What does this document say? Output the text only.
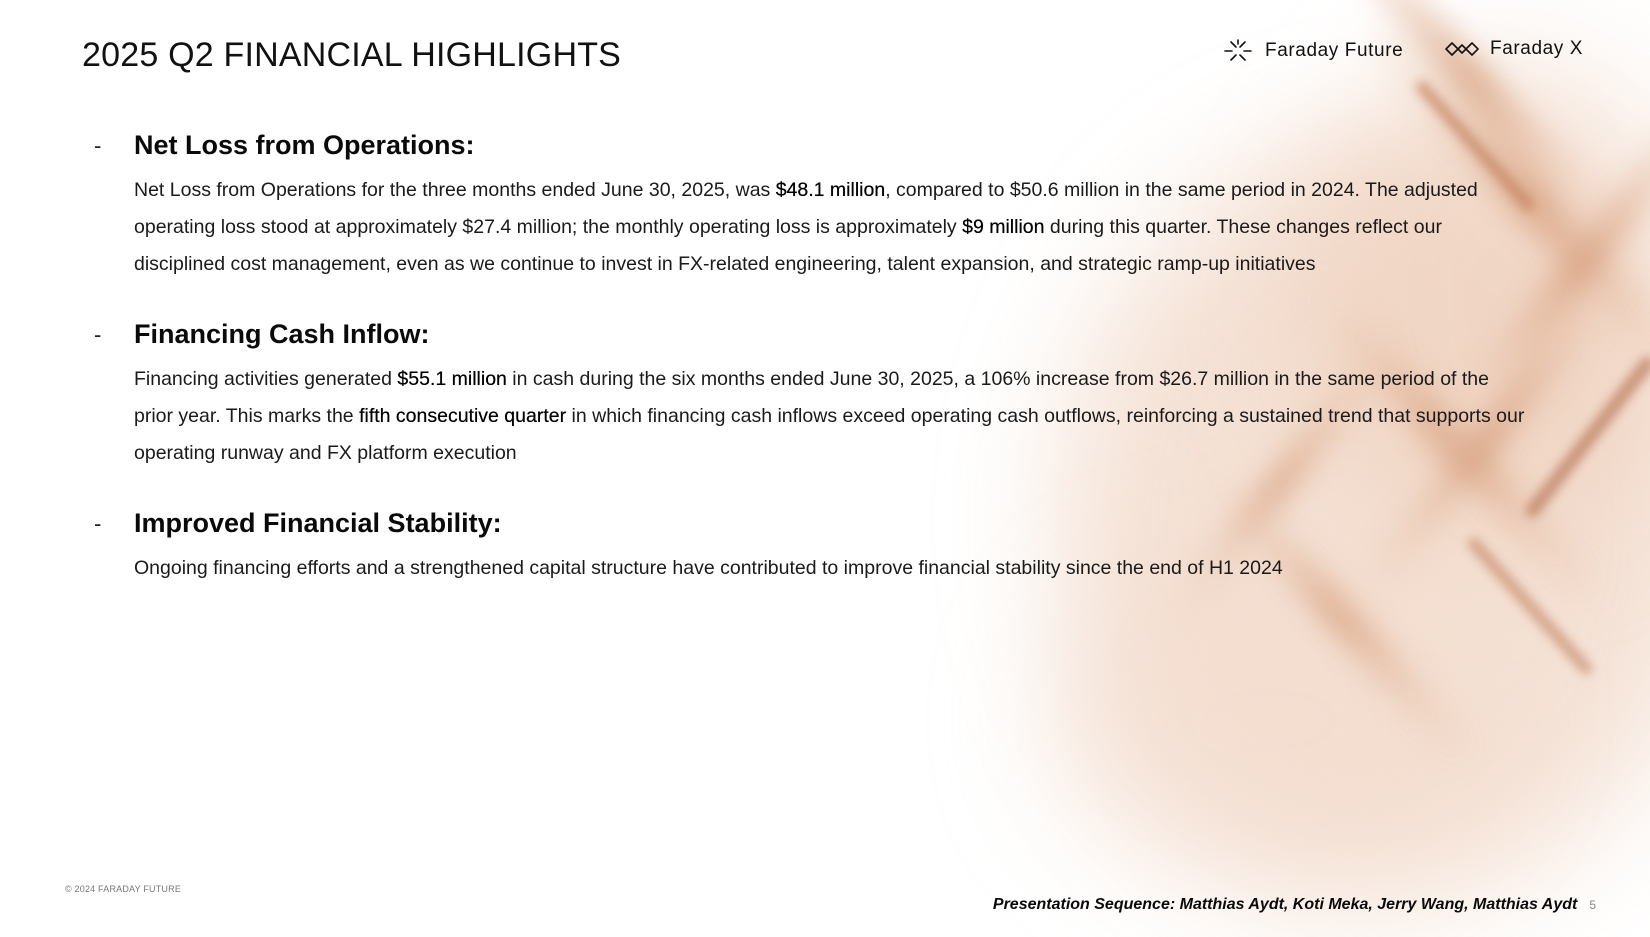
2025 Q2 FINANCIAL HIGHLIGHTS	Faraday Future	Faraday X
- Net Loss from Operations:

Net Loss from Operations for the three months ended June 30, 2025, was $48.1 million, compared to $50.6 million in the same period in 2024. The adjusted operating loss stood at approximately $27.4 million; the monthly operating loss is approximately $9 million during this quarter. These changes reflect our disciplined cost management, even as we continue to invest in FX-related engineering, talent expansion, and strategic ramp-up initiatives

- Financing Cash Inflow:

Financing activities generated $55.1 million in cash during the six months ended June 30, 2025, a 106% increase from $26.7 million in the same period of the prior year. This marks the fifth consecutive quarter in which financing cash inflows exceed operating cash outflows, reinforcing a sustained trend that supports our operating runway and FX platform execution

- Improved Financial Stability:

Ongoing financing efforts and a strengthened capital structure have contributed to improve financial stability since the end of H1 2024

© 2024 FARADAY FUTURE
Presentation Sequence: Matthias Aydt, Koti Meka, Jerry Wang, Matthias Aydt 5
